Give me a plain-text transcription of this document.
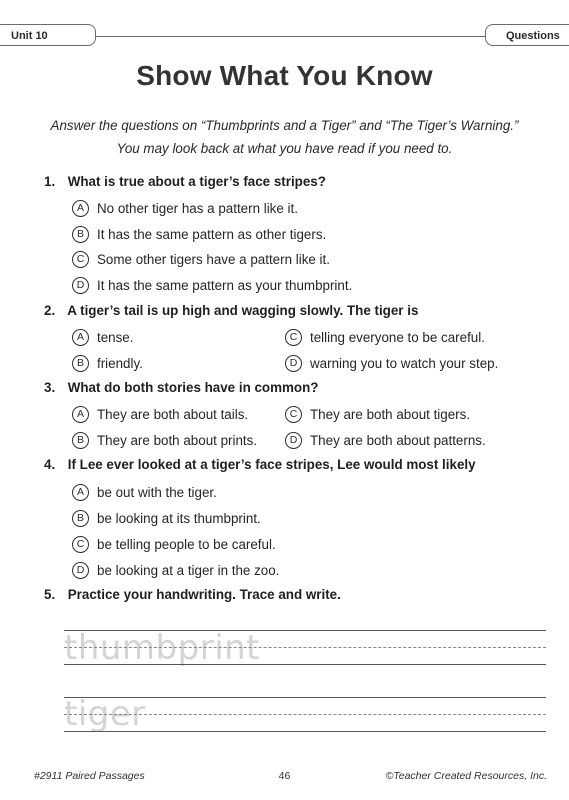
Unit 10	Questions
Show What You Know
Answer the questions on “Thumbprints and a Tiger” and “The Tiger’s Warning.”
You may look back at what you have read if you need to.
1. What is true about a tiger’s face stripes?
A No other tiger has a pattern like it.
B It has the same pattern as other tigers.
C Some other tigers have a pattern like it.
D It has the same pattern as your thumbprint.
2. A tiger’s tail is up high and wagging slowly. The tiger is
A tense.
B friendly.
C telling everyone to be careful.
D warning you to watch your step.
3. What do both stories have in common?
A They are both about tails.
B They are both about prints.
C They are both about tigers.
D They are both about patterns.
4. If Lee ever looked at a tiger’s face stripes, Lee would most likely
A be out with the tiger.
B be looking at its thumbprint.
C be telling people to be careful.
D be looking at a tiger in the zoo.
5. Practice your handwriting. Trace and write.
thumbprint
tiger
#2911 Paired Passages	46	©Teacher Created Resources, Inc.
